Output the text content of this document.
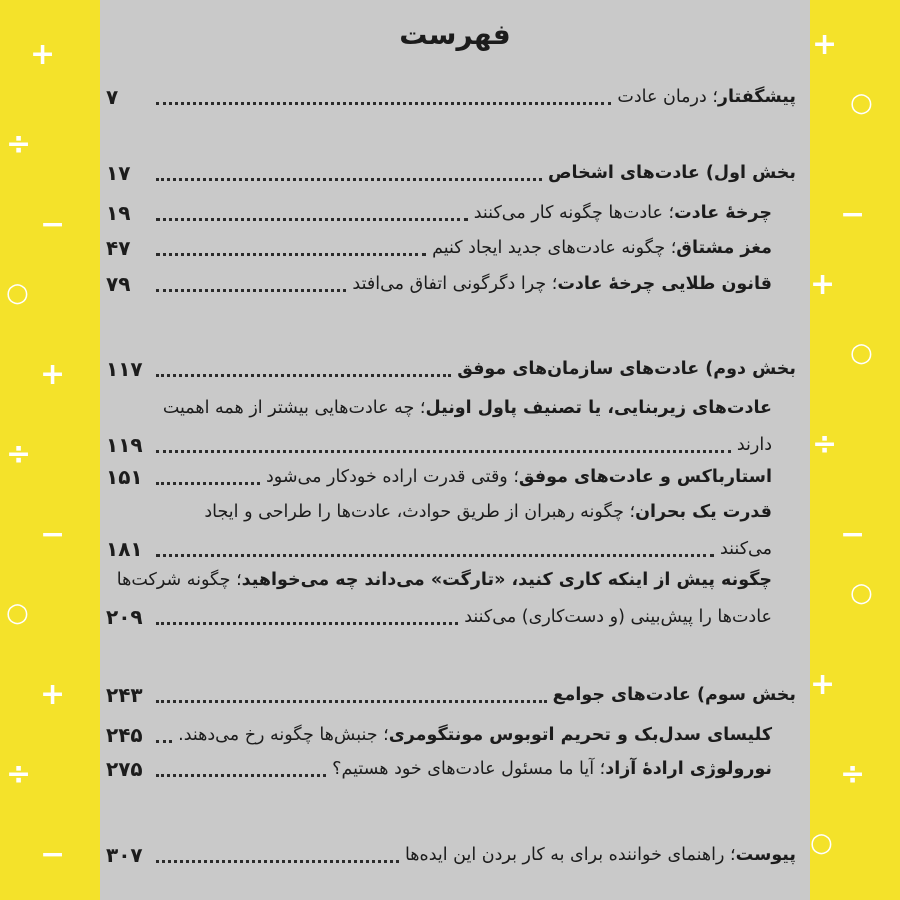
+
÷
−
○
+
÷
−
○
+
÷
−
+
○
−
+
○
÷
−
○
+
÷
○
فهرست
پیشگفتار؛ درمان عادت
۷
بخش اول) عادت‌های اشخاص
۱۷
چرخهٔ عادت؛ عادت‌ها چگونه کار می‌کنند
۱۹
مغز مشتاق؛ چگونه عادت‌های جدید ایجاد کنیم
۴۷
قانون طلایی چرخهٔ عادت؛ چرا دگرگونی اتفاق می‌افتد
۷۹
بخش دوم) عادت‌های سازمان‌های موفق
۱۱۷
عادت‌های زیربنایی، یا تصنیف پاول اونیل؛ چه عادت‌هایی بیشتر از همه اهمیت
دارند
۱۱۹
استارباکس و عادت‌های موفق؛ وقتی قدرت اراده خودکار می‌شود
۱۵۱
قدرت یک بحران؛ چگونه رهبران از طریق حوادث، عادت‌ها را طراحی و ایجاد
می‌کنند
۱۸۱
چگونه پیش از اینکه کاری کنید، «تارگت» می‌داند چه می‌خواهید؛ چگونه شرکت‌ها
عادت‌ها را پیش‌بینی (و دست‌کاری) می‌کنند
۲۰۹
بخش سوم) عادت‌های جوامع
۲۴۳
کلیسای سدل‌بک و تحریم اتوبوس مونتگومری؛ جنبش‌ها چگونه رخ می‌دهند.
۲۴۵
نورولوژی ارادهٔ آزاد؛ آیا ما مسئول عادت‌های خود هستیم؟
۲۷۵
پیوست؛ راهنمای خواننده برای به کار بردن این ایده‌ها
۳۰۷
